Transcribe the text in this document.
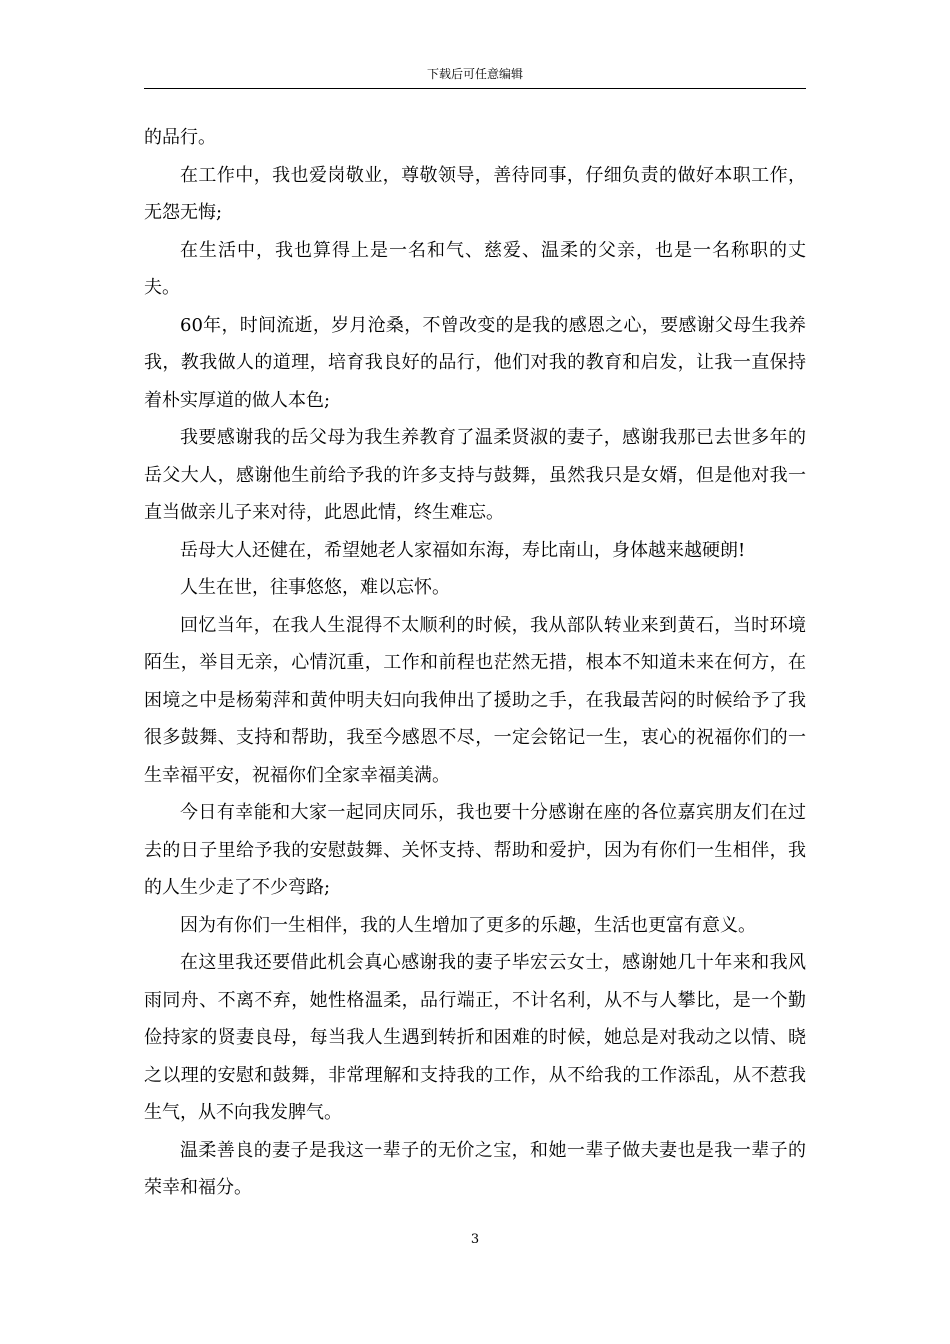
下载后可任意编辑

的品行。

在工作中，我也爱岗敬业，尊敬领导，善待同事，仔细负责的做好本职工作，无怨无悔;

在生活中，我也算得上是一名和气、慈爱、温柔的父亲，也是一名称职的丈夫。

60年，时间流逝，岁月沧桑，不曾改变的是我的感恩之心，要感谢父母生我养我，教我做人的道理，培育我良好的品行，他们对我的教育和启发，让我一直保持着朴实厚道的做人本色;

我要感谢我的岳父母为我生养教育了温柔贤淑的妻子，感谢我那已去世多年的岳父大人，感谢他生前给予我的许多支持与鼓舞，虽然我只是女婿，但是他对我一直当做亲儿子来对待，此恩此情，终生难忘。

岳母大人还健在，希望她老人家福如东海，寿比南山，身体越来越硬朗!

人生在世，往事悠悠，难以忘怀。

回忆当年，在我人生混得不太顺利的时候，我从部队转业来到黄石，当时环境陌生，举目无亲，心情沉重，工作和前程也茫然无措，根本不知道未来在何方，在困境之中是杨菊萍和黄仲明夫妇向我伸出了援助之手，在我最苦闷的时候给予了我很多鼓舞、支持和帮助，我至今感恩不尽，一定会铭记一生，衷心的祝福你们的一生幸福平安，祝福你们全家幸福美满。

今日有幸能和大家一起同庆同乐，我也要十分感谢在座的各位嘉宾朋友们在过去的日子里给予我的安慰鼓舞、关怀支持、帮助和爱护，因为有你们一生相伴，我的人生少走了不少弯路;

因为有你们一生相伴，我的人生增加了更多的乐趣，生活也更富有意义。

在这里我还要借此机会真心感谢我的妻子毕宏云女士，感谢她几十年来和我风雨同舟、不离不弃，她性格温柔，品行端正，不计名利，从不与人攀比，是一个勤俭持家的贤妻良母，每当我人生遇到转折和困难的时候，她总是对我动之以情、晓之以理的安慰和鼓舞，非常理解和支持我的工作，从不给我的工作添乱，从不惹我生气，从不向我发脾气。

温柔善良的妻子是我这一辈子的无价之宝，和她一辈子做夫妻也是我一辈子的荣幸和福分。

3
